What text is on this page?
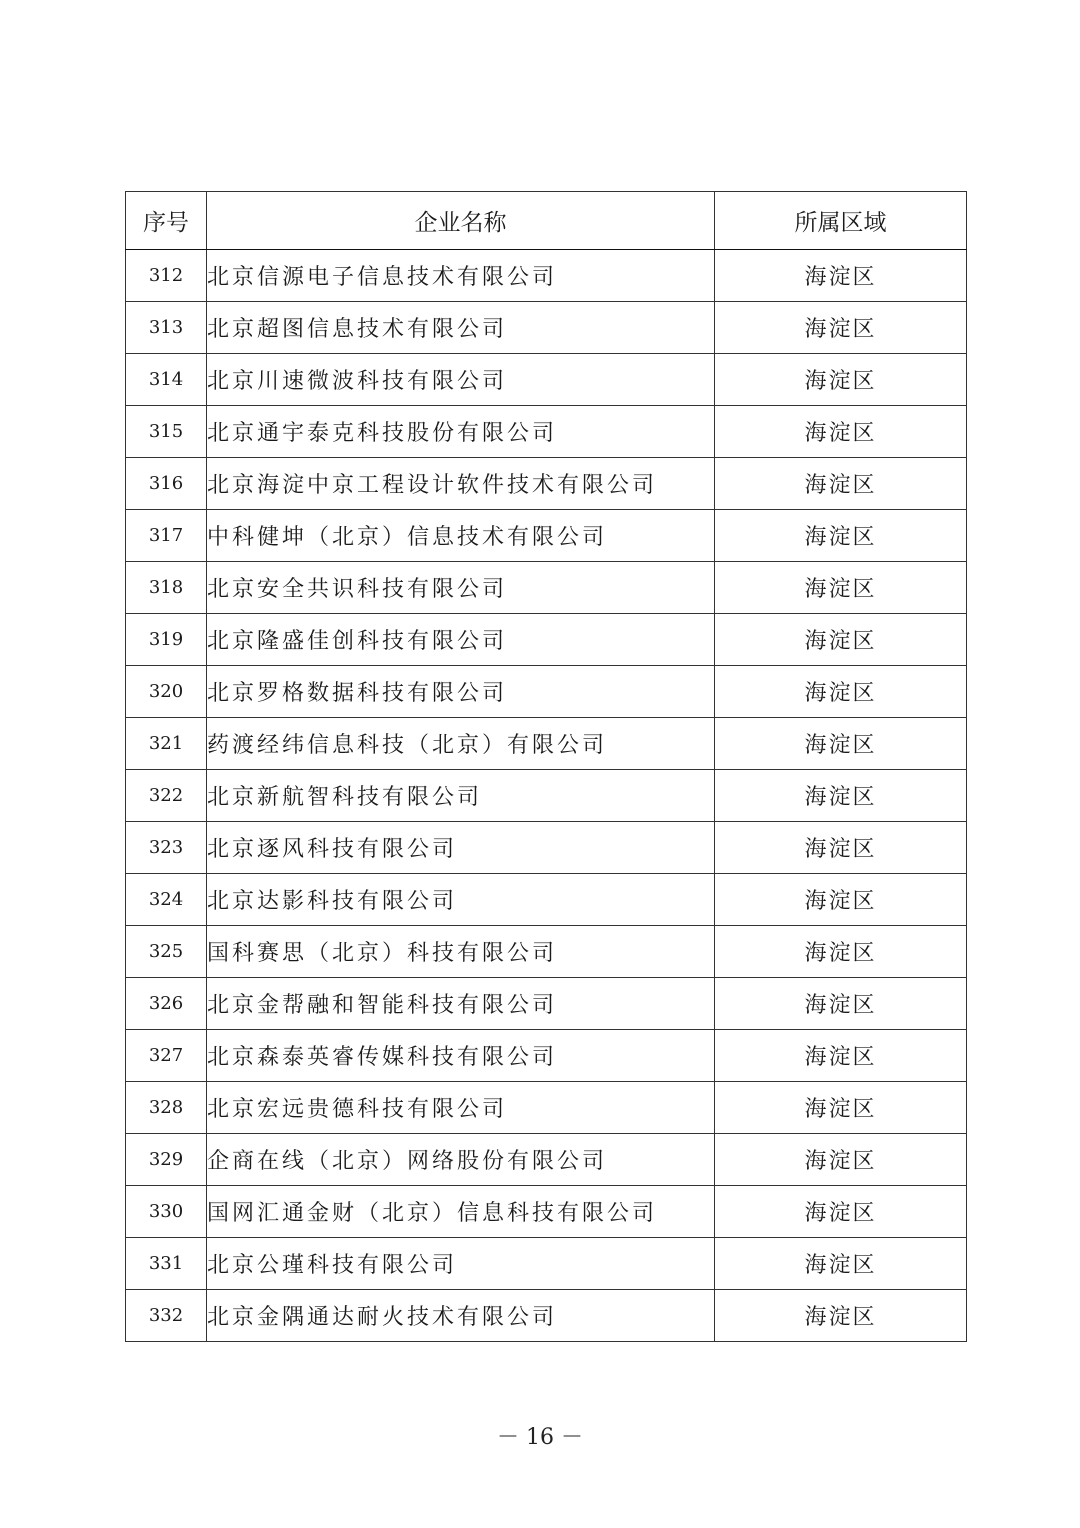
序号	企业名称	所属区域
312	北京信源电子信息技术有限公司	海淀区
313	北京超图信息技术有限公司	海淀区
314	北京川速微波科技有限公司	海淀区
315	北京通宇泰克科技股份有限公司	海淀区
316	北京海淀中京工程设计软件技术有限公司	海淀区
317	中科健坤（北京）信息技术有限公司	海淀区
318	北京安全共识科技有限公司	海淀区
319	北京隆盛佳创科技有限公司	海淀区
320	北京罗格数据科技有限公司	海淀区
321	药渡经纬信息科技（北京）有限公司	海淀区
322	北京新航智科技有限公司	海淀区
323	北京逐风科技有限公司	海淀区
324	北京达影科技有限公司	海淀区
325	国科赛思（北京）科技有限公司	海淀区
326	北京金帮融和智能科技有限公司	海淀区
327	北京森泰英睿传媒科技有限公司	海淀区
328	北京宏远贵德科技有限公司	海淀区
329	企商在线（北京）网络股份有限公司	海淀区
330	国网汇通金财（北京）信息科技有限公司	海淀区
331	北京公瑾科技有限公司	海淀区
332	北京金隅通达耐火技术有限公司	海淀区
－ 16 －
